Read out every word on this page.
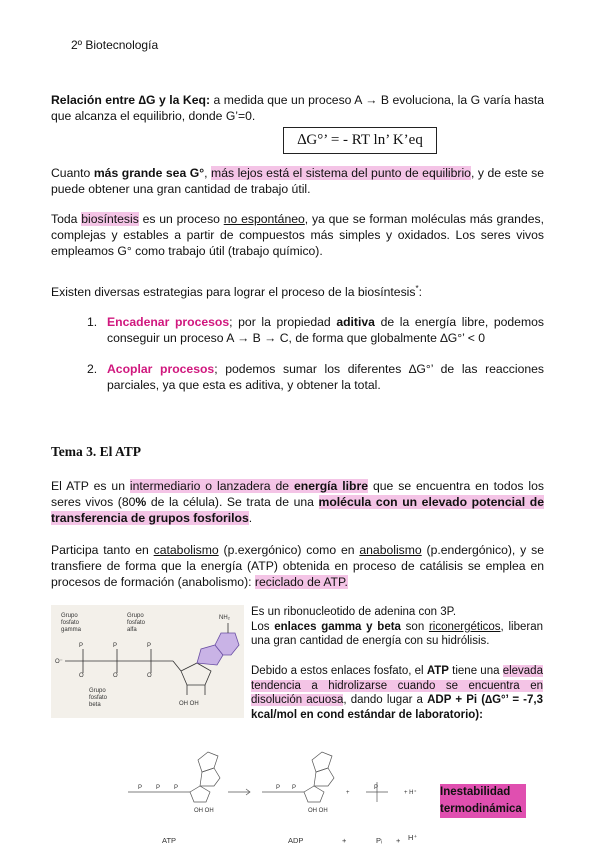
2º Biotecnología

Relación entre ∆G y la Keq: a medida que un proceso A → B evoluciona, la G varía hasta que alcanza el equilibrio, donde G’=0.

∆G°’ = - RT ln’ K’eq

Cuanto más grande sea G°, más lejos está el sistema del punto de equilibrio, y de este se puede obtener una gran cantidad de trabajo útil.

Toda biosíntesis es un proceso no espontáneo, ya que se forman moléculas más grandes, complejas y estables a partir de compuestos más simples y oxidados. Los seres vivos empleamos G° como trabajo útil (trabajo químico).

Existen diversas estrategias para lograr el proceso de la biosíntesis*:

1. Encadenar procesos; por la propiedad aditiva de la energía libre, podemos conseguir un proceso A → B → C, de forma que globalmente ∆G°’ < 0

2. Acoplar procesos; podemos sumar los diferentes ∆G°’ de las reacciones parciales, ya que esta es aditiva, y obtener la total.

Tema 3. El ATP

El ATP es un intermediario o lanzadera de energía libre que se encuentra en todos los seres vivos (80% de la célula). Se trata de una molécula con un elevado potencial de transferencia de grupos fosforilos.

Participa tanto en catabolismo (p.exergónico) como en anabolismo (p.endergónico), y se transfiere de forma que la energía (ATP) obtenida en proceso de catálisis se emplea en procesos de formación (anabolismo): reciclado de ATP.

P	P	P
O	O	O
O⁻
Grupo
fosfato
gamma
Grupo
fosfato
alfa
Grupo
fosfato
beta	OH OH
NH₂ Es un ribonucleotido de adenina con 3P.
Los enlaces gamma y beta son riconergéticos, liberan una gran cantidad de energía con su hidrólisis.

Debido a estos enlaces fosfato, el ATP tiene una elevada tendencia a hidrolizarse cuando se encuentra en disolución acuosa, dando lugar a ADP + Pi (∆G°’ = -7,3 kcal/mol en cond estándar de laboratorio):

P P P	P P	P
+	+ H⁺
OH OH	OH OH
ATP	ADP	+	Pᵢ + H⁺
Inestabilidad termodinámica
